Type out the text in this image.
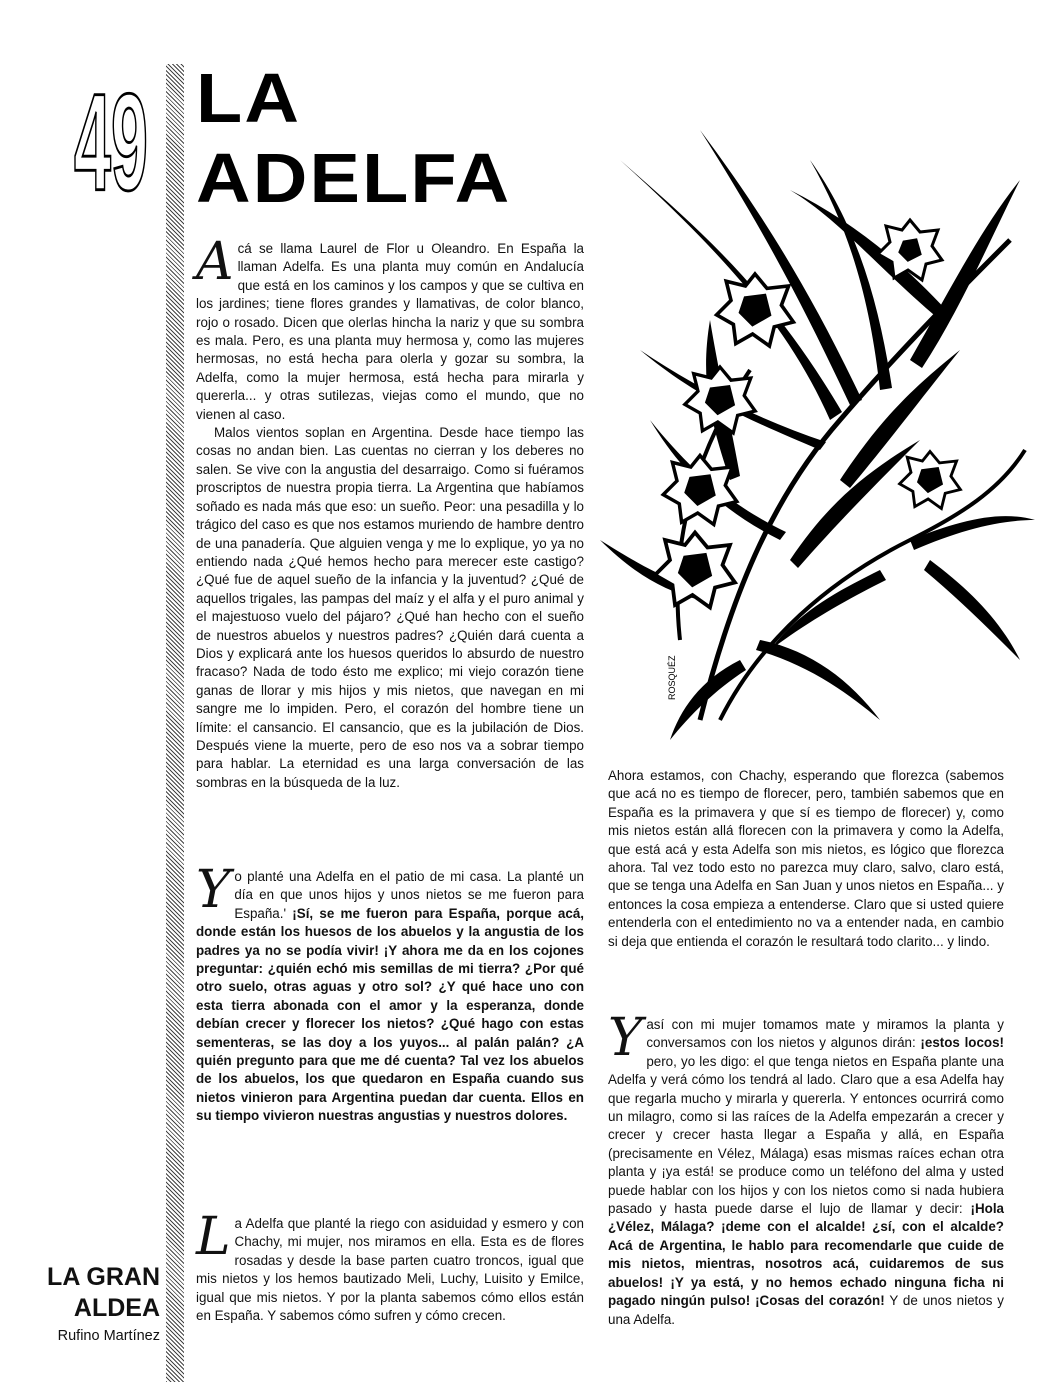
49 LA
ADELFA
ROSQUÉZ

Acá se llama Laurel de Flor u Oleandro. En España la llaman Adelfa. Es una planta muy común en Andalucía que está en los caminos y los campos y que se cultiva en los jardines; tiene flores grandes y llamativas, de color blanco, rojo o rosado. Dicen que olerlas hincha la nariz y que su sombra es mala. Pero, es una planta muy hermosa y, como las mujeres hermosas, no está hecha para olerla y gozar su sombra, la Adelfa, como la mujer hermosa, está hecha para mirarla y quererla... y otras sutilezas, viejas como el mundo, que no vienen al caso.

Malos vientos soplan en Argentina. Desde hace tiempo las cosas no andan bien. Las cuentas no cierran y los deberes no salen. Se vive con la angustia del desarraigo. Como si fuéramos proscriptos de nuestra propia tierra. La Argentina que habíamos soñado es nada más que eso: un sueño. Peor: una pesadilla y lo trágico del caso es que nos estamos muriendo de hambre dentro de una panadería. Que alguien venga y me lo explique, yo ya no entiendo nada ¿Qué hemos hecho para merecer este castigo? ¿Qué fue de aquel sueño de la infancia y la juventud? ¿Qué de aquellos trigales, las pampas del maíz y el alfa y el puro animal y el majestuoso vuelo del pájaro? ¿Qué han hecho con el sueño de nuestros abuelos y nuestros padres? ¿Quién dará cuenta a Dios y explicará ante los huesos queridos lo absurdo de nuestro fracaso? Nada de todo ésto me explico; mi viejo corazón tiene ganas de llorar y mis hijos y mis nietos, que navegan en mi sangre me lo impiden. Pero, el corazón del hombre tiene un límite: el cansancio. El cansancio, que es la jubilación de Dios. Después viene la muerte, pero de eso nos va a sobrar tiempo para hablar. La eternidad es una larga conversación de las sombras en la búsqueda de la luz.

Yo planté una Adelfa en el patio de mi casa. La planté un día en que unos hijos y unos nietos se me fueron para España.' ¡Sí, se me fueron para España, porque acá, donde están los huesos de los abuelos y la angustia de los padres ya no se podía vivir! ¡Y ahora me da en los cojones preguntar: ¿quién echó mis semillas de mi tierra? ¿Por qué otro suelo, otras aguas y otro sol? ¿Y qué hace uno con esta tierra abonada con el amor y la esperanza, donde debían crecer y florecer los nietos? ¿Qué hago con estas sementeras, se las doy a los yuyos... al palán palán? ¿A quién pregunto para que me dé cuenta? Tal vez los abuelos de los abuelos, los que quedaron en España cuando sus nietos vinieron para Argentina puedan dar cuenta. Ellos en su tiempo vivieron nuestras angustias y nuestros dolores.

La Adelfa que planté la riego con asiduidad y esmero y con Chachy, mi mujer, nos miramos en ella. Esta es de flores rosadas y desde la base parten cuatro troncos, igual que mis nietos y los hemos bautizado Meli, Luchy, Luisito y Emilce, igual que mis nietos. Y por la planta sabemos cómo ellos están en España. Y sabemos cómo sufren y cómo crecen.

Ahora estamos, con Chachy, esperando que florezca (sabemos que acá no es tiempo de florecer, pero, también sabemos que en España es la primavera y que sí es tiempo de florecer) y, como mis nietos están allá florecen con la primavera y como la Adelfa, que está acá y esta Adelfa son mis nietos, es lógico que florezca ahora. Tal vez todo esto no parezca muy claro, salvo, claro está, que se tenga una Adelfa en San Juan y unos nietos en España... y entonces la cosa empieza a entenderse. Claro que si usted quiere entenderla con el entedimiento no va a entender nada, en cambio si deja que entienda el corazón le resultará todo clarito... y lindo.

Y así con mi mujer tomamos mate y miramos la planta y conversamos con los nietos y algunos dirán: ¡estos locos! pero, yo les digo: el que tenga nietos en España plante una Adelfa y verá cómo los tendrá al lado. Claro que a esa Adelfa hay que regarla mucho y mirarla y quererla. Y entonces ocurrirá como un milagro, como si las raíces de la Adelfa empezarán a crecer y crecer y crecer hasta llegar a España y allá, en España (precisamente en Vélez, Málaga) esas mismas raíces echan otra planta y ¡ya está! se produce como un teléfono del alma y usted puede hablar con los hijos y con los nietos como si nada hubiera pasado y hasta puede darse el lujo de llamar y decir: ¡Hola ¿Vélez, Málaga? ¡deme con el alcalde! ¿sí, con el alcalde? Acá de Argentina, le hablo para recomendarle que cuide de mis nietos, mientras, nosotros acá, cuidaremos de sus abuelos! ¡Y ya está, y no hemos echado ninguna ficha ni pagado ningún pulso! ¡Cosas del corazón! Y de unos nietos y una Adelfa.

LA GRAN
ALDEA
Rufino Martínez
